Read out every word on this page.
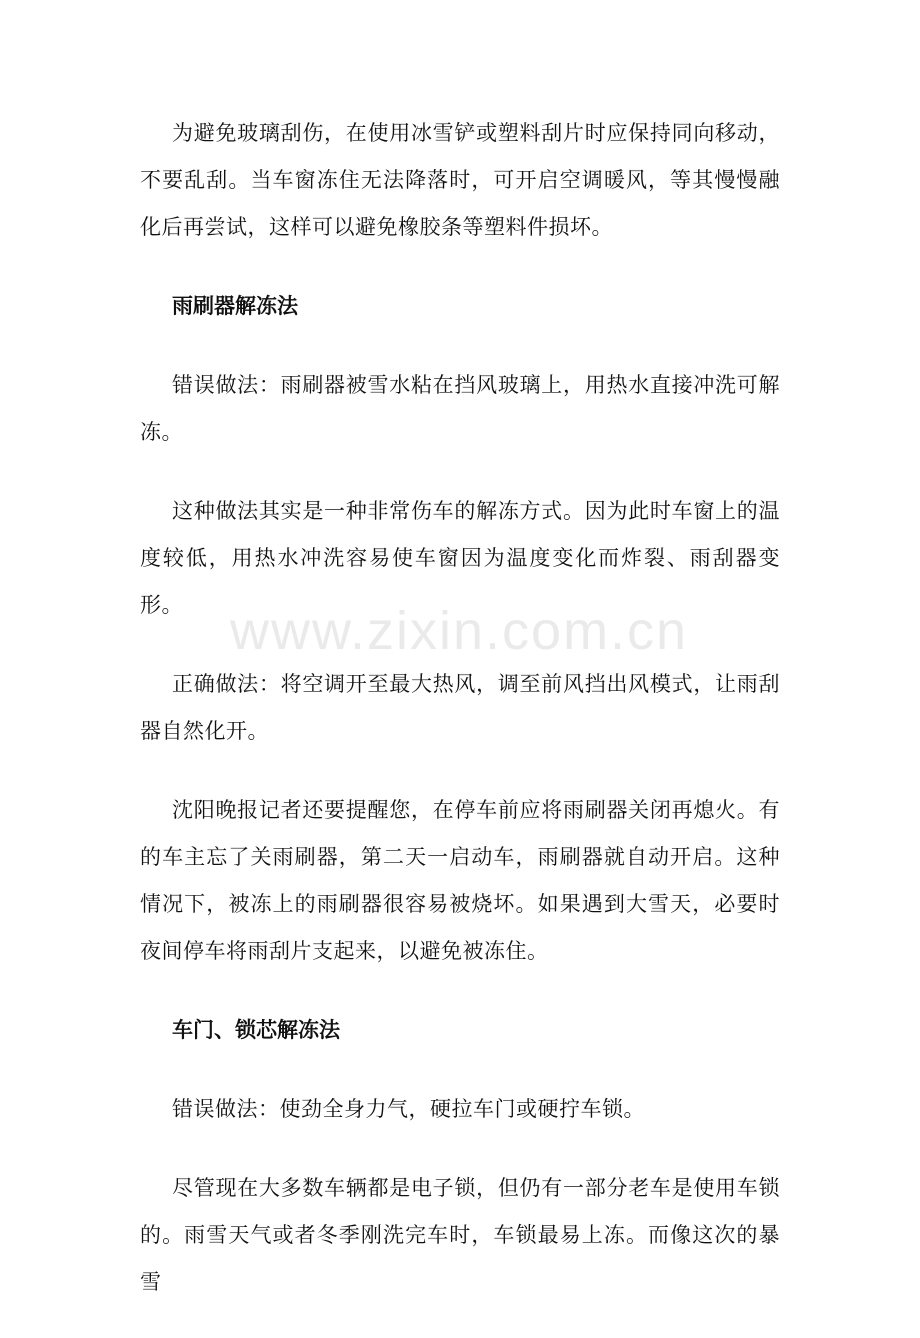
为避免玻璃刮伤，在使用冰雪铲或塑料刮片时应保持同向移动，不要乱刮。当车窗冻住无法降落时，可开启空调暖风，等其慢慢融化后再尝试，这样可以避免橡胶条等塑料件损坏。

雨刷器解冻法

错误做法：雨刷器被雪水粘在挡风玻璃上，用热水直接冲洗可解冻。

这种做法其实是一种非常伤车的解冻方式。因为此时车窗上的温度较低，用热水冲洗容易使车窗因为温度变化而炸裂、雨刮器变形。

正确做法：将空调开至最大热风，调至前风挡出风模式，让雨刮器自然化开。

沈阳晚报记者还要提醒您，在停车前应将雨刷器关闭再熄火。有的车主忘了关雨刷器，第二天一启动车，雨刷器就自动开启。这种情况下，被冻上的雨刷器很容易被烧坏。如果遇到大雪天，必要时夜间停车将雨刮片支起来，以避免被冻住。

车门、锁芯解冻法

错误做法：使劲全身力气，硬拉车门或硬拧车锁。

尽管现在大多数车辆都是电子锁，但仍有一部分老车是使用车锁的。雨雪天气或者冬季刚洗完车时，车锁最易上冻。而像这次的暴雪

www.zixin.com.cn
